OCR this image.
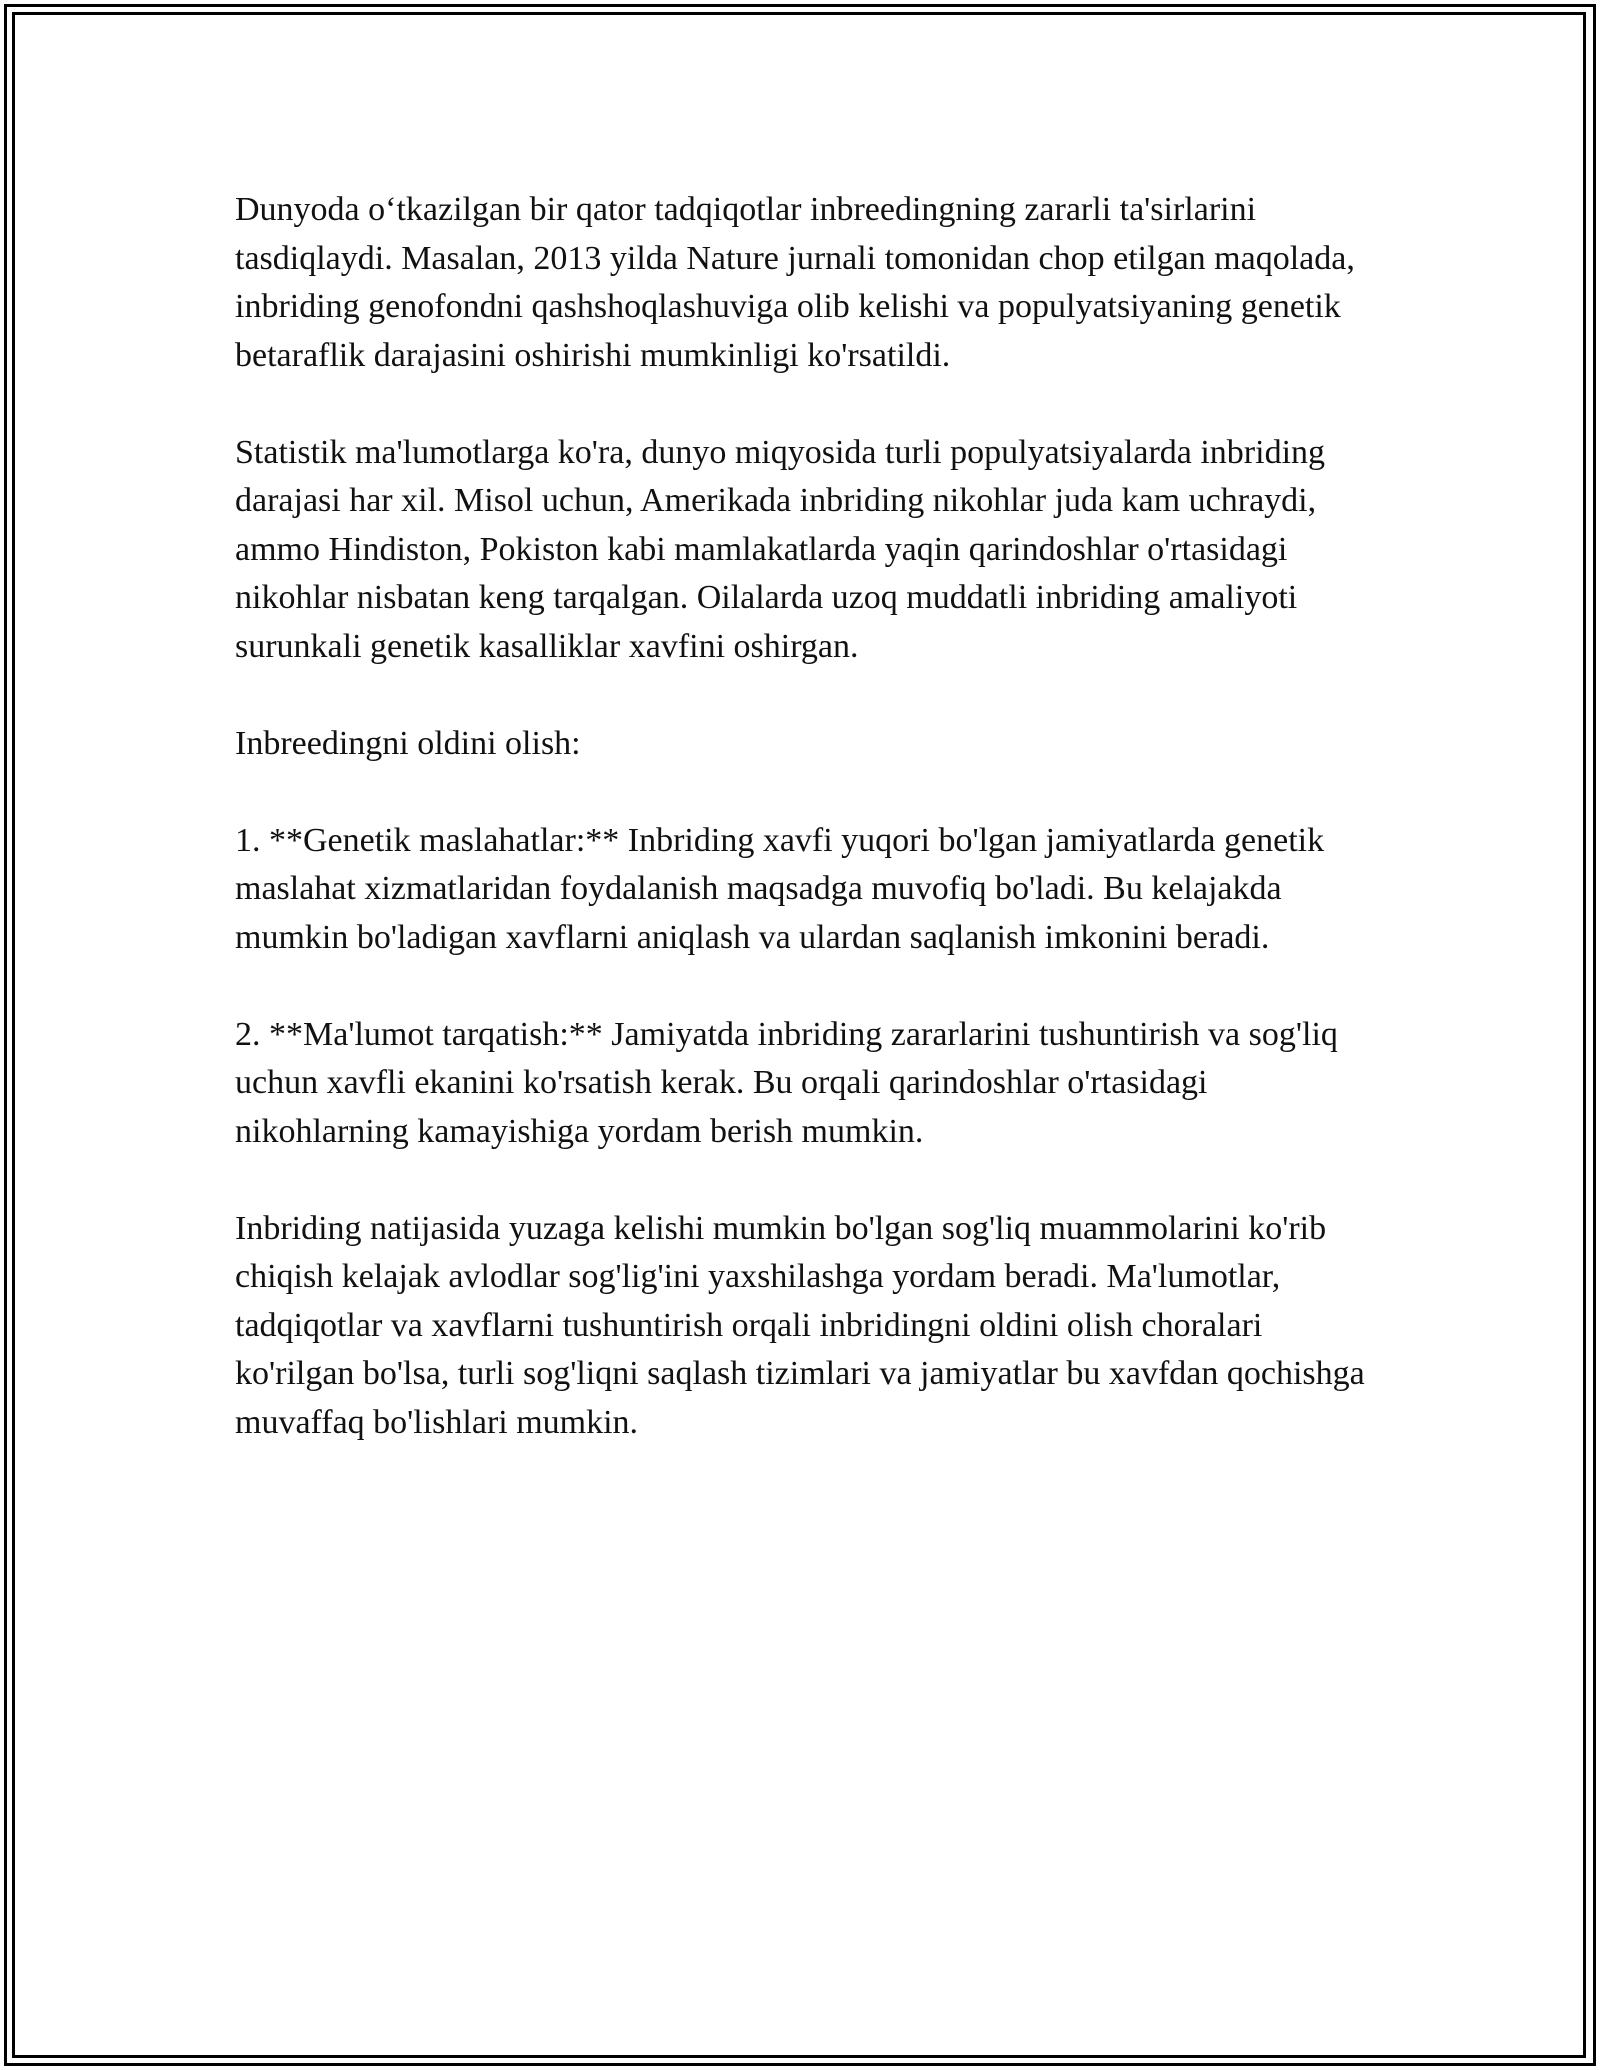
Dunyoda o‘tkazilgan bir qator tadqiqotlar inbreedingning zararli ta'sirlarini tasdiqlaydi. Masalan, 2013 yilda Nature jurnali tomonidan chop etilgan maqolada, inbriding genofondni qashshoqlashuviga olib kelishi va populyatsiyaning genetik betaraflik darajasini oshirishi mumkinligi ko'rsatildi.

Statistik ma'lumotlarga ko'ra, dunyo miqyosida turli populyatsiyalarda inbriding darajasi har xil. Misol uchun, Amerikada inbriding nikohlar juda kam uchraydi, ammo Hindiston, Pokiston kabi mamlakatlarda yaqin qarindoshlar o'rtasidagi nikohlar nisbatan keng tarqalgan. Oilalarda uzoq muddatli inbriding amaliyoti surunkali genetik kasalliklar xavfini oshirgan.

Inbreedingni oldini olish:

1. **Genetik maslahatlar:** Inbriding xavfi yuqori bo'lgan jamiyatlarda genetik maslahat xizmatlaridan foydalanish maqsadga muvofiq bo'ladi. Bu kelajakda mumkin bo'ladigan xavflarni aniqlash va ulardan saqlanish imkonini beradi.

2. **Ma'lumot tarqatish:** Jamiyatda inbriding zararlarini tushuntirish va sog'liq uchun xavfli ekanini ko'rsatish kerak. Bu orqali qarindoshlar o'rtasidagi nikohlarning kamayishiga yordam berish mumkin.

Inbriding natijasida yuzaga kelishi mumkin bo'lgan sog'liq muammolarini ko'rib chiqish kelajak avlodlar sog'lig'ini yaxshilashga yordam beradi. Ma'lumotlar, tadqiqotlar va xavflarni tushuntirish orqali inbridingni oldini olish choralari ko'rilgan bo'lsa, turli sog'liqni saqlash tizimlari va jamiyatlar bu xavfdan qochishga muvaffaq bo'lishlari mumkin.
